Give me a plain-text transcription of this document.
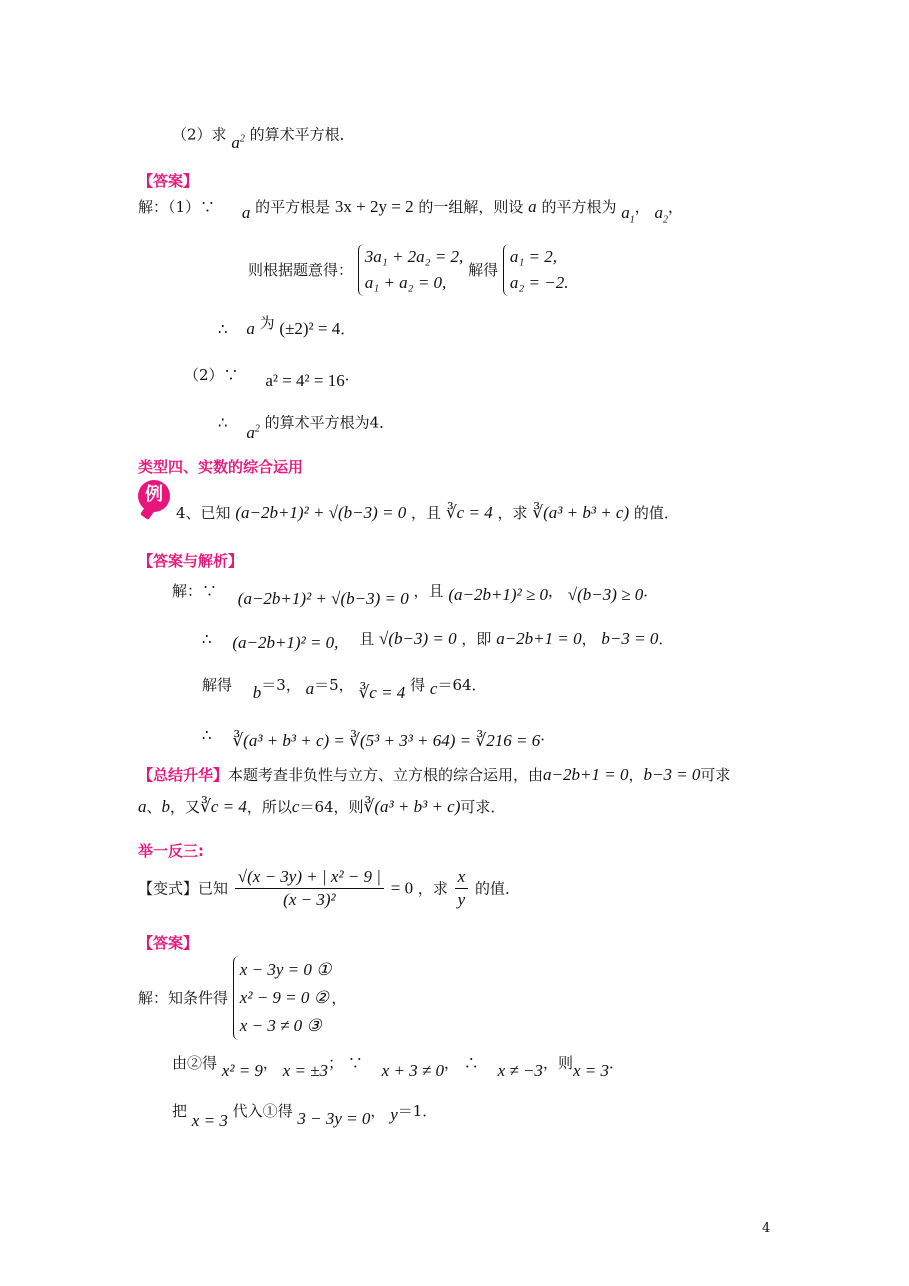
（2）求 $a^2$ 的算术平方根．
【答案】
解：（1）∵ a 的平方根是 3x + 2y = 2 的一组解，则设 a 的平方根为 $a_1$， $a_2$，
则根据题意得： 3a₁ + 2a₂ = 2,
a₁ + a₂ = 0, 解得 a₁ = 2,
a₂ = −2.
∴ a 为 (±2)² = 4．
（2）∵ a² = 4² = 16．
∴ $a^2$ 的算术平方根为4．
类型四、实数的综合运用
例
4、已知 (a−2b+1)² + √(b−3) = 0 ，且 ∛c = 4 ，求 ∛(a³ + b³ + c) 的值．
【答案与解析】
解：∵ (a−2b+1)² + √(b−3) = 0 ，且 (a−2b+1)² ≥ 0， √(b−3) ≥ 0．
∴ (a−2b+1)² = 0, 且 √(b−3) = 0 ，即 a−2b+1 = 0， b−3 = 0．
解得 b＝3， a＝5， ∛c = 4 得 c＝64．
∴ ∛(a³ + b³ + c) = ∛(5³ + 3³ + 64) = ∛216 = 6．
【总结升华】本题考查非负性与立方、立方根的综合运用，由a−2b+1 = 0，b−3 = 0可求
a、b，又∛c = 4，所以c＝64，则∛(a³ + b³ + c)可求．
举一反三:
【变式】已知 $\frac{\text{√(x − 3y) + | x² − 9 |}}{\text{(x − 3)²}} = 0$ ，求 $\frac{x}{y}$ 的值．
【答案】
解：知条件得 x − 3y = 0 ①
x² − 9 = 0 ②
x − 3 ≠ 0 ③，
由②得 x² = 9， x = ±3； ∵ x + 3 ≠ 0， ∴ x ≠ −3，则x = 3．
把 x = 3 代入①得 3 − 3y = 0， y＝1．
4
